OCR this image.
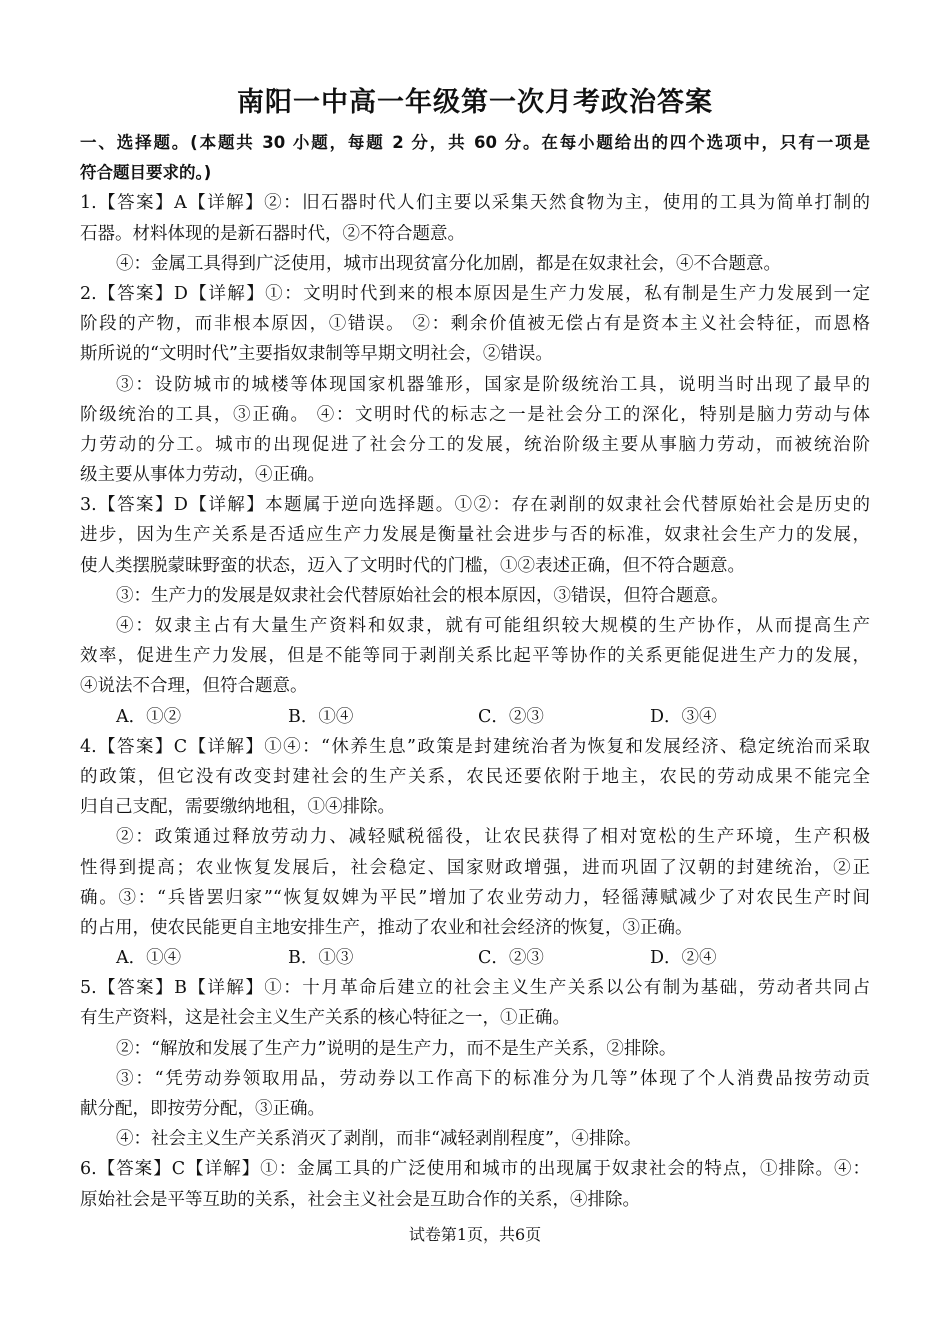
南阳一中高一年级第一次月考政治答案
一、选择题。(本题共 30 小题，每题 2 分，共 60 分。在每小题给出的四个选项中，只有一项是
符合题目要求的。)
1.【答案】A【详解】②：旧石器时代人们主要以采集天然食物为主，使用的工具为简单打制的
石器。材料体现的是新石器时代，②不符合题意。
④：金属工具得到广泛使用，城市出现贫富分化加剧，都是在奴隶社会，④不合题意。
2.【答案】D【详解】①：文明时代到来的根本原因是生产力发展，私有制是生产力发展到一定
阶段的产物，而非根本原因，①错误。 ②：剩余价值被无偿占有是资本主义社会特征，而恩格
斯所说的“文明时代”主要指奴隶制等早期文明社会，②错误。
③：设防城市的城楼等体现国家机器雏形，国家是阶级统治工具，说明当时出现了最早的
阶级统治的工具，③正确。 ④：文明时代的标志之一是社会分工的深化，特别是脑力劳动与体
力劳动的分工。城市的出现促进了社会分工的发展，统治阶级主要从事脑力劳动，而被统治阶
级主要从事体力劳动，④正确。
3.【答案】D【详解】本题属于逆向选择题。①②：存在剥削的奴隶社会代替原始社会是历史的
进步，因为生产关系是否适应生产力发展是衡量社会进步与否的标准，奴隶社会生产力的发展，
使人类摆脱蒙昧野蛮的状态，迈入了文明时代的门槛，①②表述正确，但不符合题意。
③：生产力的发展是奴隶社会代替原始社会的根本原因，③错误，但符合题意。
④：奴隶主占有大量生产资料和奴隶，就有可能组织较大规模的生产协作，从而提高生产
效率，促进生产力发展，但是不能等同于剥削关系比起平等协作的关系更能促进生产力的发展，
④说法不合理，但符合题意。
A．①②	B．①④	C．②③	D．③④
4.【答案】C【详解】①④：“休养生息”政策是封建统治者为恢复和发展经济、稳定统治而采取
的政策，但它没有改变封建社会的生产关系，农民还要依附于地主，农民的劳动成果不能完全
归自己支配，需要缴纳地租，①④排除。
②：政策通过释放劳动力、减轻赋税徭役，让农民获得了相对宽松的生产环境，生产积极
性得到提高；农业恢复发展后，社会稳定、国家财政增强，进而巩固了汉朝的封建统治，②正
确。③：“兵皆罢归家”“恢复奴婢为平民”增加了农业劳动力，轻徭薄赋减少了对农民生产时间
的占用，使农民能更自主地安排生产，推动了农业和社会经济的恢复，③正确。
A．①④	B．①③	C．②③	D．②④
5.【答案】B【详解】①：十月革命后建立的社会主义生产关系以公有制为基础，劳动者共同占
有生产资料，这是社会主义生产关系的核心特征之一，①正确。
②：“解放和发展了生产力”说明的是生产力，而不是生产关系，②排除。
③：“凭劳动券领取用品，劳动券以工作高下的标准分为几等”体现了个人消费品按劳动贡
献分配，即按劳分配，③正确。
④：社会主义生产关系消灭了剥削，而非“减轻剥削程度”，④排除。
6.【答案】C【详解】①：金属工具的广泛使用和城市的出现属于奴隶社会的特点，①排除。④：
原始社会是平等互助的关系，社会主义社会是互助合作的关系，④排除。
试卷第1页，共6页
